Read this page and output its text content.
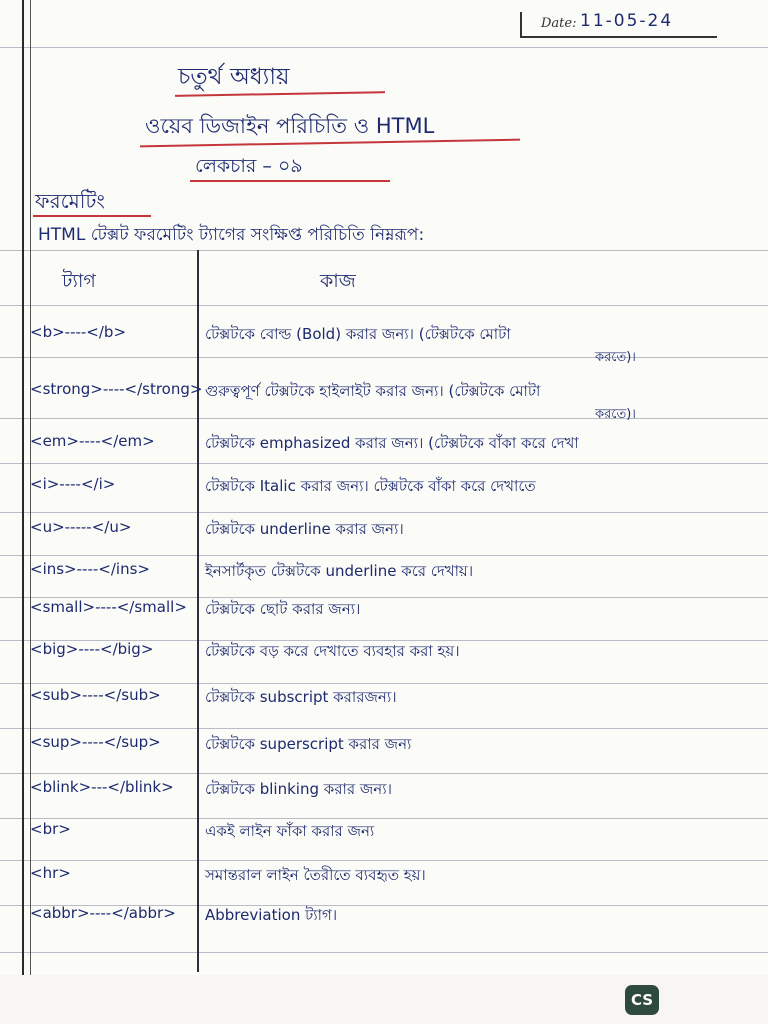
Date: 11-05-24
চতুর্থ অধ্যায়
ওয়েব ডিজাইন পরিচিতি ও HTML
লেকচার – ০৯
ফরমেটিং
HTML টেক্সট ফরমেটিং ট্যাগের সংক্ষিপ্ত পরিচিতি নিম্নরূপ:
ট্যাগ	কাজ
<b>----</b>	টেক্সটকে বোল্ড (Bold) করার জন্য। (টেক্সটকে মোটা
করতে)।
<strong>----</strong> গুরুত্বপূর্ণ টেক্সটকে হাইলাইট করার জন্য। (টেক্সটকে মোটা
করতে)।
<em>----</em>	টেক্সটকে emphasized করার জন্য। (টেক্সটকে বাঁকা করে দেখা
<i>----</i>	টেক্সটকে Italic করার জন্য। টেক্সটকে বাঁকা করে দেখাতে
<u>-----</u>	টেক্সটকে underline করার জন্য।
<ins>----</ins>	ইনসার্টকৃত টেক্সটকে underline করে দেখায়।
<small>----</small> টেক্সটকে ছোট করার জন্য।
<big>----</big>	টেক্সটকে বড় করে দেখাতে ব্যবহার করা হয়।
<sub>----</sub>	টেক্সটকে subscript করারজন্য।
<sup>----</sup>	টেক্সটকে superscript করার জন্য
<blink>---</blink> টেক্সটকে blinking করার জন্য।
<br>	একই লাইন ফাঁকা করার জন্য
<hr>	সমান্তরাল লাইন তৈরীতে ব্যবহৃত হয়।
<abbr>----</abbr> Abbreviation ট্যাগ।
CS
